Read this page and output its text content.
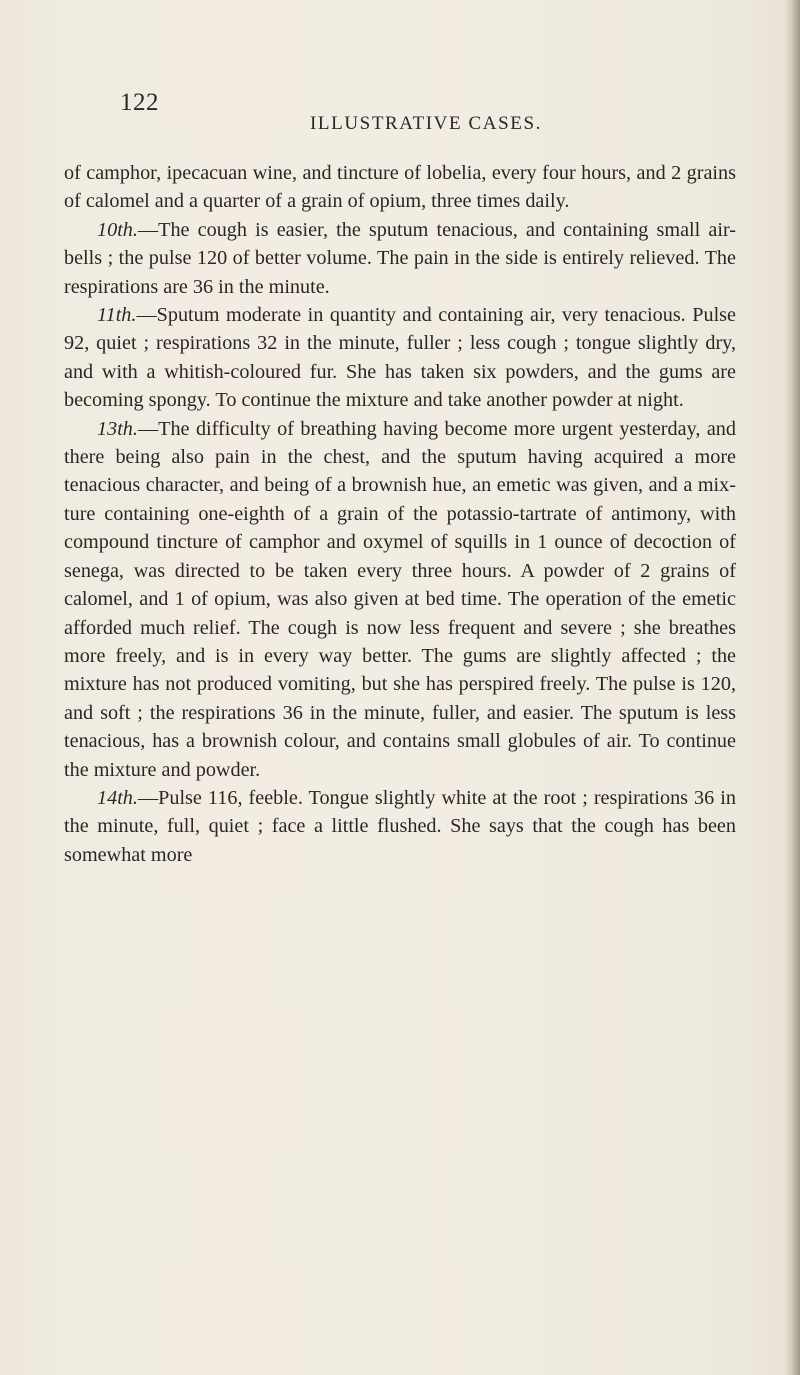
122
ILLUSTRATIVE CASES.

of camphor, ipecacuan wine, and tincture of lobelia, every four hours, and 2 grains of calomel and a quarter of a grain of opium, three times daily.

10th.—The cough is easier, the sputum tenacious, and containing small air-bells ; the pulse 120 of better volume. The pain in the side is entirely relieved. The respirations are 36 in the minute.

11th.—Sputum moderate in quantity and containing air, very tenacious. Pulse 92, quiet ; respirations 32 in the minute, fuller ; less cough ; tongue slightly dry, and with a whitish-coloured fur. She has taken six powders, and the gums are becoming spongy. To continue the mixture and take another powder at night.

13th.—The difficulty of breathing having become more urgent yesterday, and there being also pain in the chest, and the sputum having acquired a more tenacious character, and being of a brownish hue, an emetic was given, and a mixture containing one-eighth of a grain of the potassio-tartrate of antimony, with compound tincture of camphor and oxymel of squills in 1 ounce of decoction of senega, was directed to be taken every three hours. A powder of 2 grains of calomel, and 1 of opium, was also given at bed time. The operation of the emetic afforded much relief. The cough is now less frequent and severe ; she breathes more freely, and is in every way better. The gums are slightly affected ; the mixture has not produced vomiting, but she has perspired freely. The pulse is 120, and soft ; the respirations 36 in the minute, fuller, and easier. The sputum is less tenacious, has a brownish colour, and contains small globules of air. To continue the mixture and powder.

14th.—Pulse 116, feeble. Tongue slightly white at the root ; respirations 36 in the minute, full, quiet ; face a little flushed. She says that the cough has been somewhat more
